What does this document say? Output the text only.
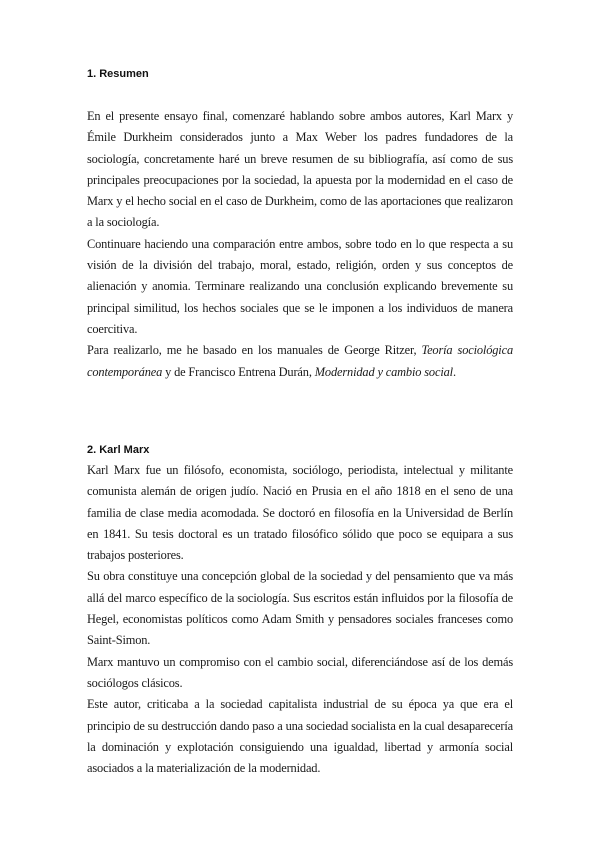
1. Resumen

En el presente ensayo final, comenzaré hablando sobre ambos autores, Karl Marx y Émile Durkheim considerados junto a Max Weber los padres fundadores de la sociología, concretamente haré un breve resumen de su bibliografía, así como de sus principales preocupaciones por la sociedad, la apuesta por la modernidad en el caso de Marx y el hecho social en el caso de Durkheim, como de las aportaciones que realizaron a la sociología.

Continuare haciendo una comparación entre ambos, sobre todo en lo que respecta a su visión de la división del trabajo, moral, estado, religión, orden y sus conceptos de alienación y anomia. Terminare realizando una conclusión explicando brevemente su principal similitud, los hechos sociales que se le imponen a los individuos de manera coercitiva.

Para realizarlo, me he basado en los manuales de George Ritzer, Teoría sociológica contemporánea y de Francisco Entrena Durán, Modernidad y cambio social.

2. Karl Marx

Karl Marx fue un filósofo, economista, sociólogo, periodista, intelectual y militante comunista alemán de origen judío. Nació en Prusia en el año 1818 en el seno de una familia de clase media acomodada. Se doctoró en filosofía en la Universidad de Berlín en 1841. Su tesis doctoral es un tratado filosófico sólido que poco se equipara a sus trabajos posteriores.

Su obra constituye una concepción global de la sociedad y del pensamiento que va más allá del marco específico de la sociología. Sus escritos están influidos por la filosofía de Hegel, economistas políticos como Adam Smith y pensadores sociales franceses como Saint-Simon.

Marx mantuvo un compromiso con el cambio social, diferenciándose así de los demás sociólogos clásicos.

Este autor, criticaba a la sociedad capitalista industrial de su época ya que era el principio de su destrucción dando paso a una sociedad socialista en la cual desaparecería la dominación y explotación consiguiendo una igualdad, libertad y armonía social asociados a la materialización de la modernidad.
